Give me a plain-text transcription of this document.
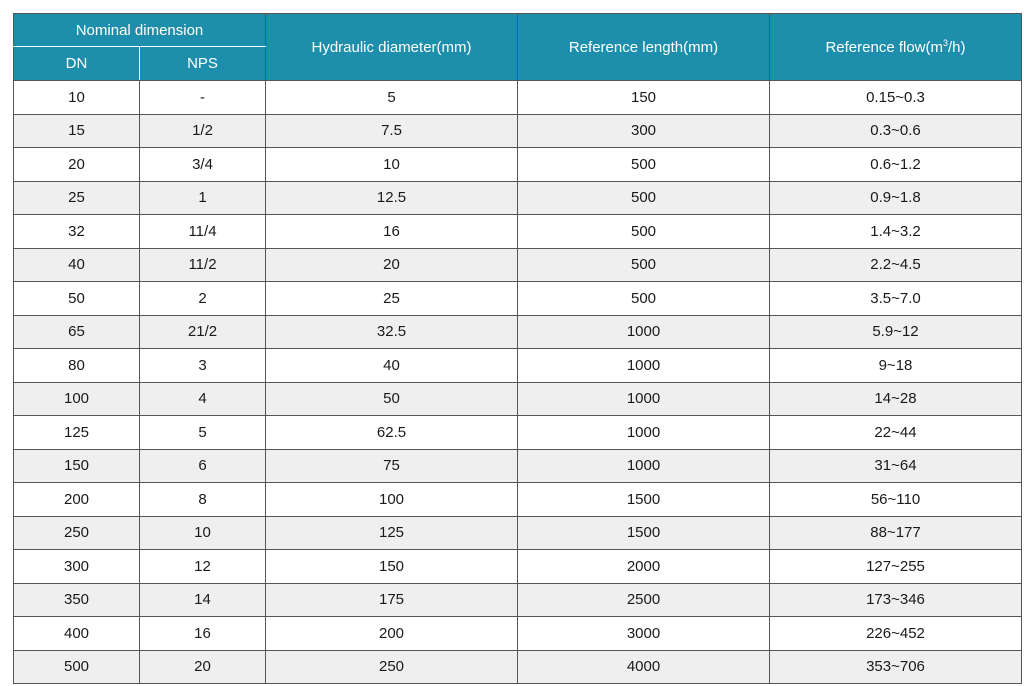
Nominal dimension		Hydraulic diameter(mm)	Reference length(mm)	Reference $flow(m^3/h)$
DN	NPS			
10	-	5	150	0.15~0.3
15	1/2	7.5	300	0.3~0.6
20	3/4	10	500	0.6~1.2
25	1	12.5	500	0.9~1.8
32	11/4	16	500	1.4~3.2
40	11/2	20	500	2.2~4.5
50	2	25	500	3.5~7.0
65	21/2	32.5	1000	5.9~12
80	3	40	1000	9~18
100	4	50	1000	14~28
125	5	62.5	1000	22~44
150	6	75	1000	31~64
200	8	100	1500	56~110
250	10	125	1500	88~177
300	12	150	2000	127~255
350	14	175	2500	173~346
400	16	200	3000	226~452
500	20	250	4000	353~706
